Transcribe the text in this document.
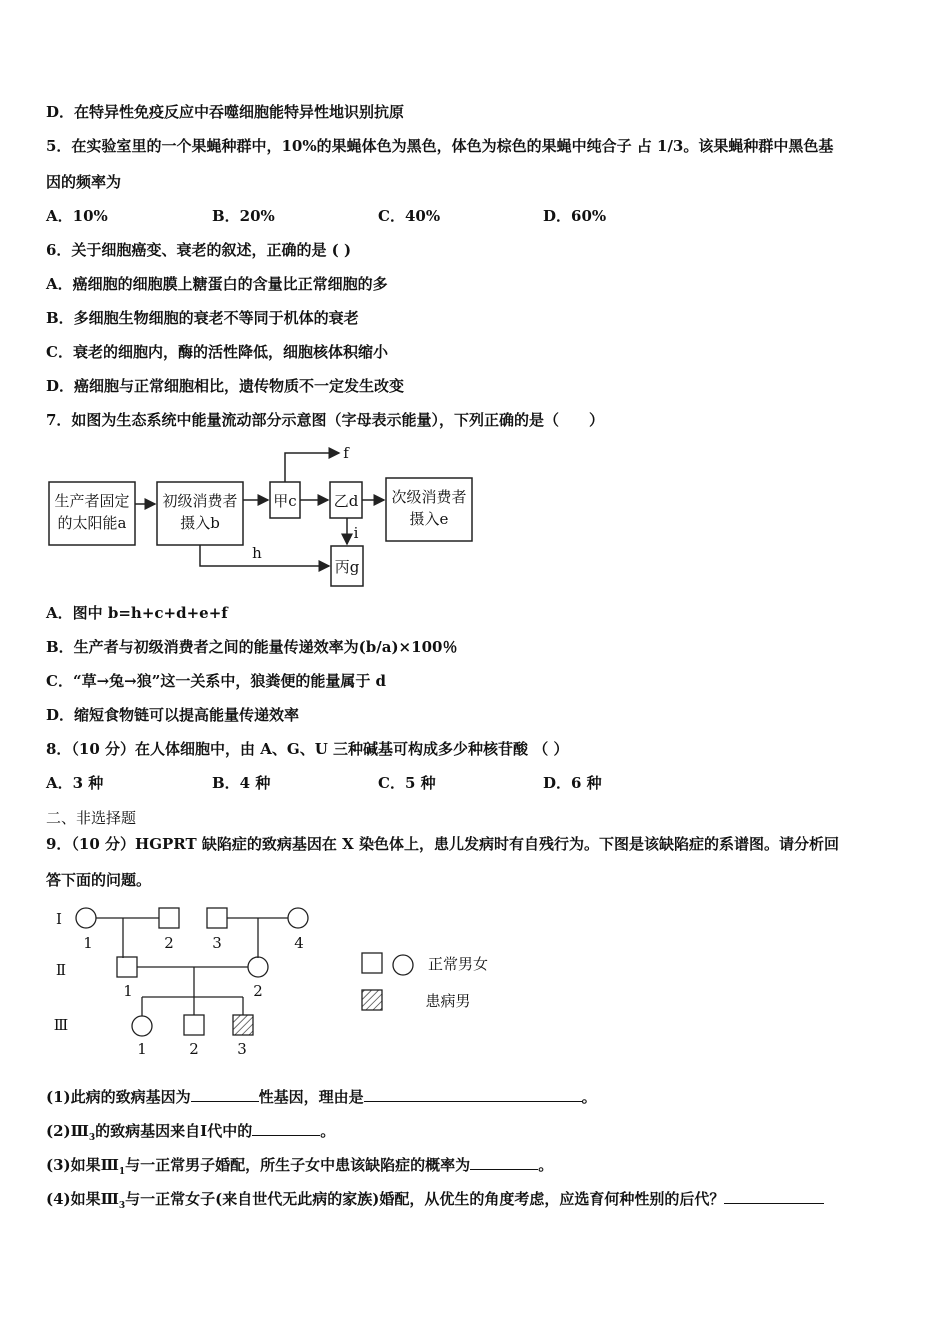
D．在特异性免疫反应中吞噬细胞能特异性地识别抗原
5．在实验室里的一个果蝇种群中，10%的果蝇体色为黑色，体色为棕色的果蝇中纯合子 占 1/3。该果蝇种群中黑色基
因的频率为
A．10%	B．20%	C．40%	D．60%
6．关于细胞癌变、衰老的叙述，正确的是 ( )
A．癌细胞的细胞膜上糖蛋白的含量比正常细胞的多
B．多细胞生物细胞的衰老不等同于机体的衰老
C．衰老的细胞内，酶的活性降低，细胞核体积缩小
D．癌细胞与正常细胞相比，遗传物质不一定发生改变
7．如图为生态系统中能量流动部分示意图（字母表示能量），下列正确的是（　　）
生产者固定
的太阳能a
初级消费者
摄入b
甲c 乙d 次级消费者
摄入e
丙g
f
h
i
A．图中 b=h+c+d+e+f
B．生产者与初级消费者之间的能量传递效率为(b/a)×100％
C．“草→兔→狼”这一关系中，狼粪便的能量属于 d
D．缩短食物链可以提高能量传递效率
8．（10 分）在人体细胞中，由 A、G、U 三种碱基可构成多少种核苷酸 （ ）
A．3 种	B．4 种	C．5 种	D．6 种
二、非选择题
9．（10 分）HGPRT 缺陷症的致病基因在 X 染色体上，患儿发病时有自残行为。下图是该缺陷症的系谱图。请分析回
答下面的问题。
Ⅰ
Ⅱ
Ⅲ
1	2	3	4
1	2
1	2	3
正常男女
患病男
(1)此病的致病基因为	性基因，理由是	。
$(2)Ⅲ_3$的致病基因来自Ⅰ代中的	。
(3)如果$Ⅲ_1$与一正常男子婚配，所生子女中患该缺陷症的概率为	。
(4)如果$Ⅲ_3$与一正常女子(来自世代无此病的家族)婚配，从优生的角度考虑，应选育何种性别的后代？
